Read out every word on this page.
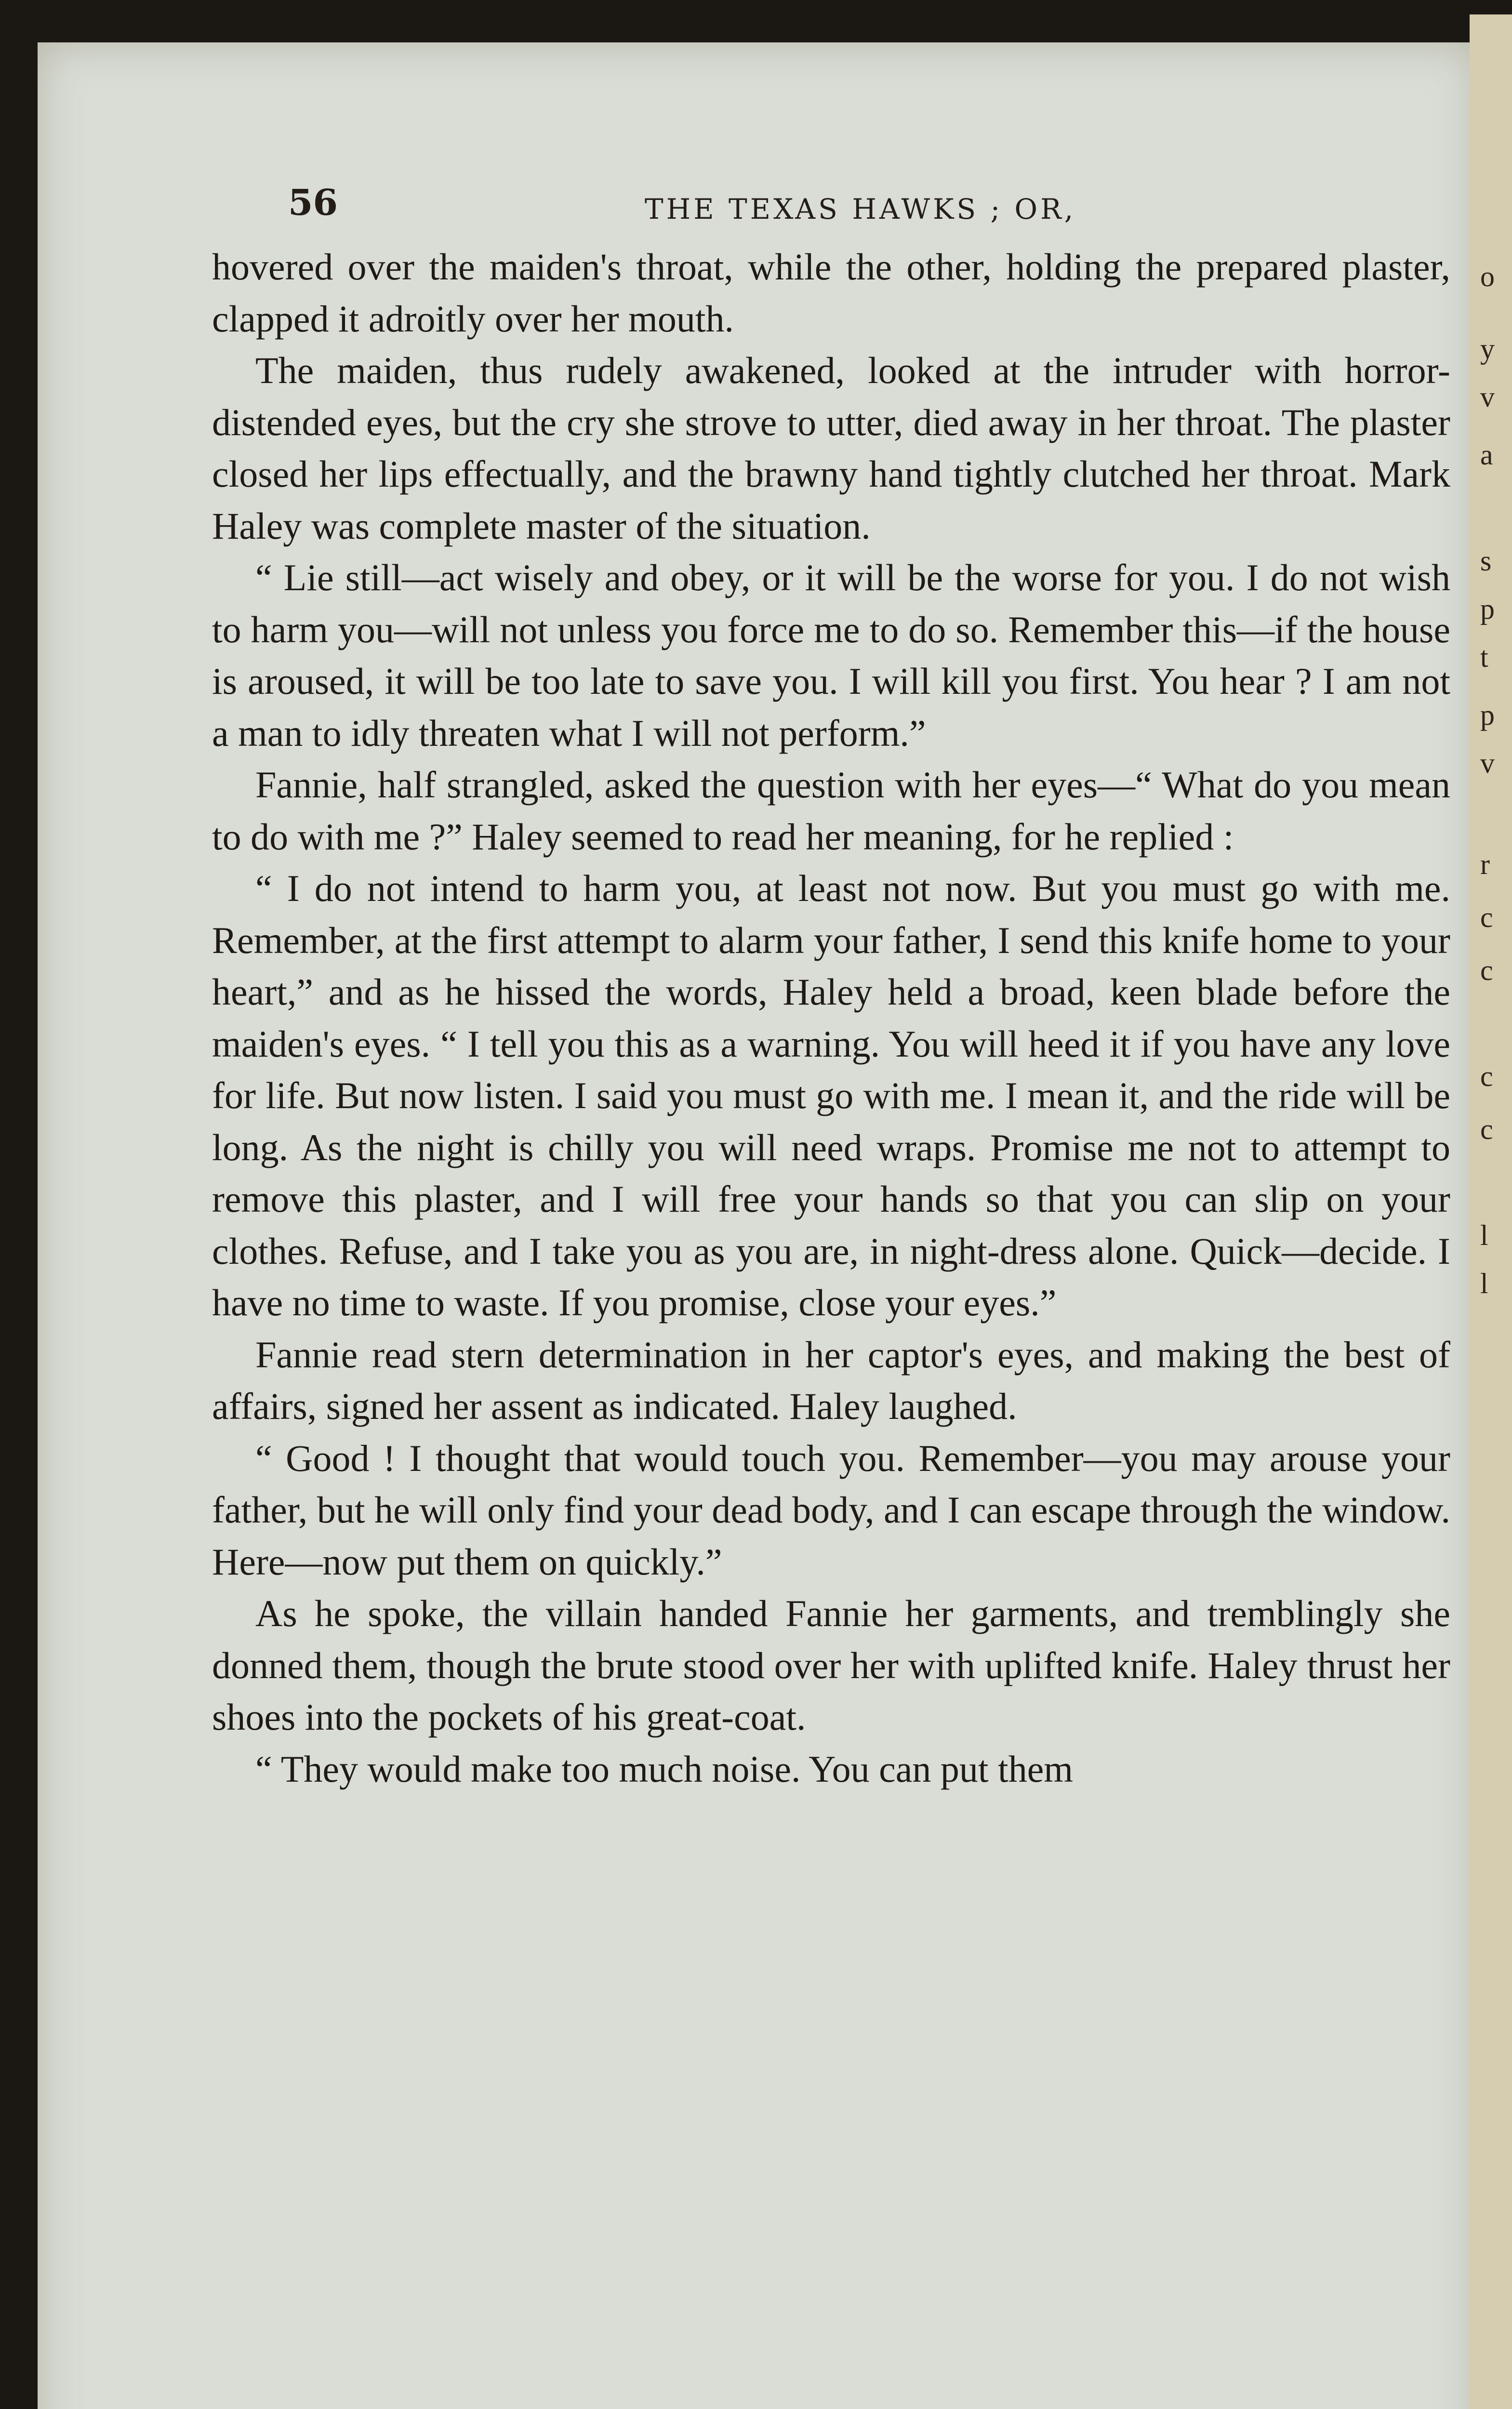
56	THE TEXAS HAWKS ; OR,
o
y
v
a
s
p
t
p
v
r
c
c
c
c
l
l

hovered over the maiden's throat, while the other, holding the prepared plaster, clapped it adroitly over her mouth.

The maiden, thus rudely awakened, looked at the intruder with horror-distended eyes, but the cry she strove to utter, died away in her throat. The plaster closed her lips effectually, and the brawny hand tightly clutched her throat. Mark Haley was complete master of the situation.

“ Lie still—act wisely and obey, or it will be the worse for you. I do not wish to harm you—will not unless you force me to do so. Remember this—if the house is aroused, it will be too late to save you. I will kill you first. You hear ? I am not a man to idly threaten what I will not perform.”

Fannie, half strangled, asked the question with her eyes—“ What do you mean to do with me ?” Haley seemed to read her meaning, for he replied :

“ I do not intend to harm you, at least not now. But you must go with me. Remember, at the first attempt to alarm your father, I send this knife home to your heart,” and as he hissed the words, Haley held a broad, keen blade before the maiden's eyes. “ I tell you this as a warning. You will heed it if you have any love for life. But now listen. I said you must go with me. I mean it, and the ride will be long. As the night is chilly you will need wraps. Promise me not to attempt to remove this plaster, and I will free your hands so that you can slip on your clothes. Refuse, and I take you as you are, in night-dress alone. Quick—decide. I have no time to waste. If you promise, close your eyes.”

Fannie read stern determination in her captor's eyes, and making the best of affairs, signed her assent as indicated. Haley laughed.

“ Good ! I thought that would touch you. Remember—you may arouse your father, but he will only find your dead body, and I can escape through the window. Here—now put them on quickly.”

As he spoke, the villain handed Fannie her garments, and tremblingly she donned them, though the brute stood over her with uplifted knife. Haley thrust her shoes into the pockets of his great-coat.

“ They would make too much noise. You can put them
